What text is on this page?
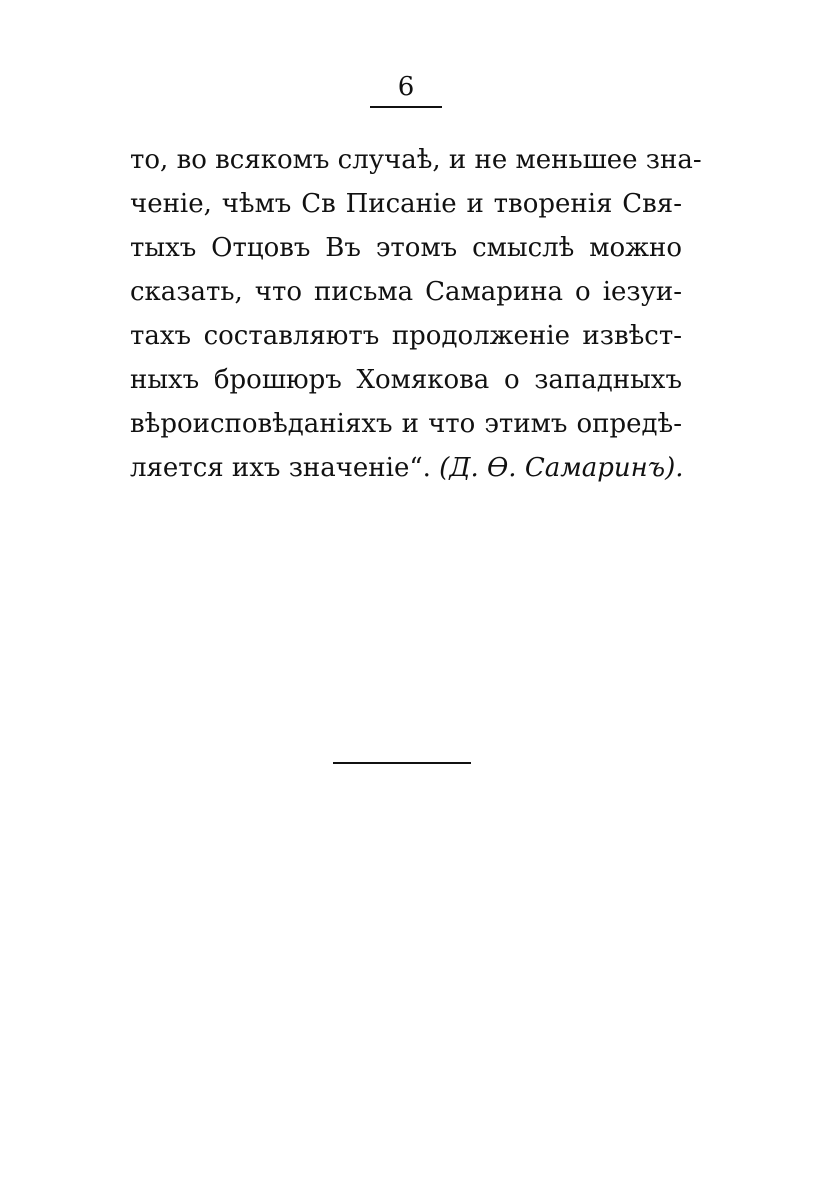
6
то, во всякомъ случаѣ, и не меньшее зна-
ченіе, чѣмъ Св Писаніе и творенія Свя-
тыхъ Отцовъ Въ этомъ смыслѣ можно
сказать, что письма Самарина о iезуи-
тахъ составляютъ продолженіе извѣст-
ныхъ брошюръ Хомякова о западныхъ
вѣроисповѣданіяхъ и что этимъ опредѣ-
ляется ихъ значеніе“. (Д. Ѳ. Самаринъ).
